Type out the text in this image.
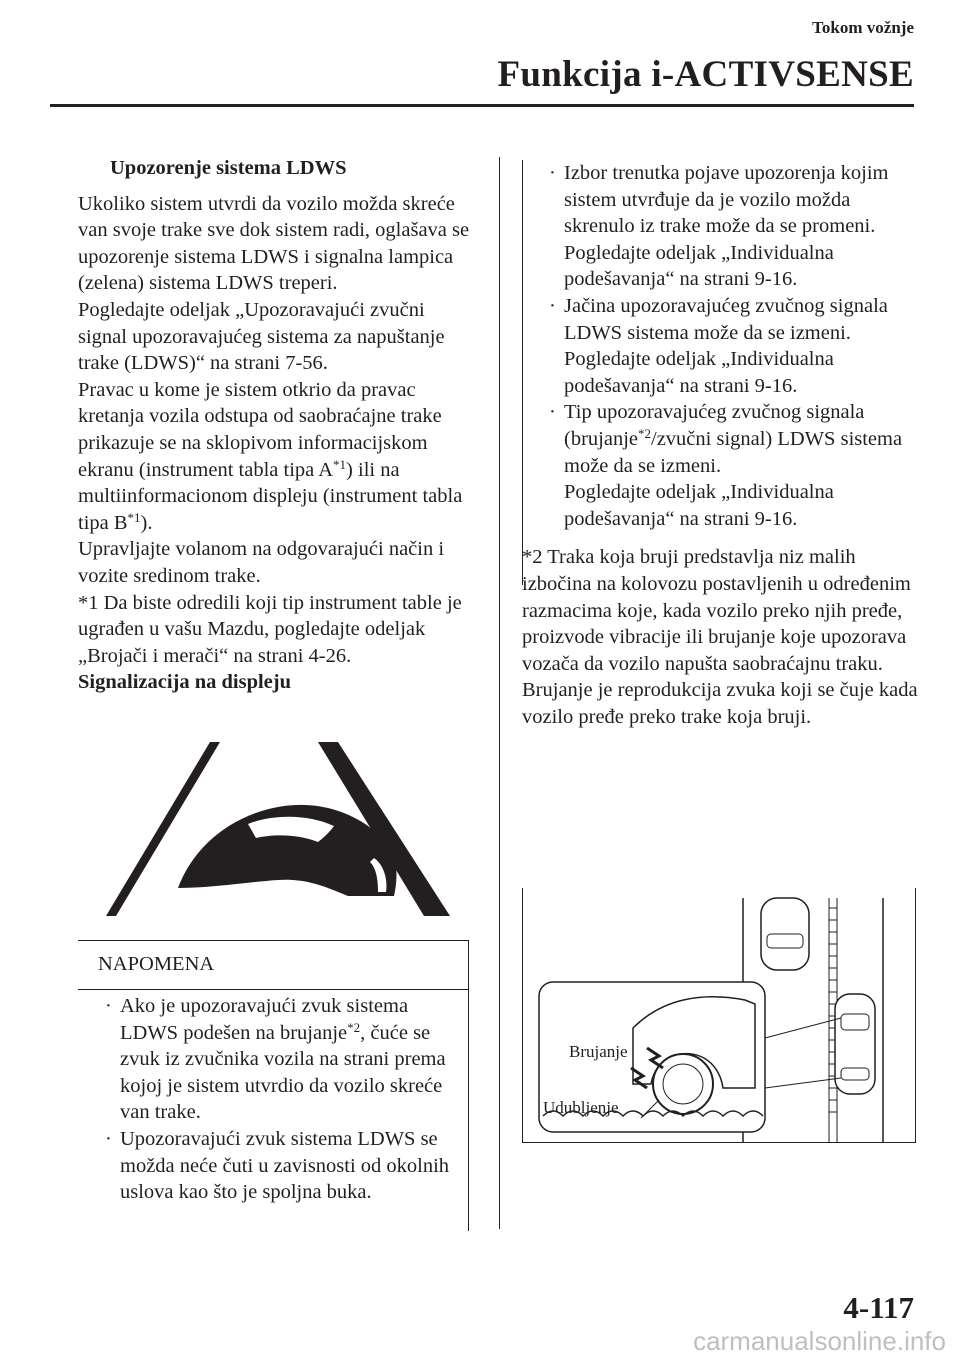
Tokom vožnje
Funkcija i-ACTIVSENSE
Upozorenje sistema LDWS

Ukoliko sistem utvrdi da vozilo možda skreće van svoje trake sve dok sistem radi, oglašava se upozorenje sistema LDWS i signalna lampica (zelena) sistema LDWS treperi.

Pogledajte odeljak „Upozoravajući zvučni signal upozoravajućeg sistema za napuštanje trake (LDWS)“ na strani 7-56.

Pravac u kome je sistem otkrio da pravac kretanja vozila odstupa od saobraćajne trake prikazuje se na sklopivom informacijskom ekranu (instrument tabla tipa $A^{*1}$) ili na multiinformacionom displeju (instrument tabla tipa $B^{*1}$).

Upravljajte volanom na odgovarajući način i vozite sredinom trake.

*1 Da biste odredili koji tip instrument table je ugrađen u vašu Mazdu, pogledajte odeljak „Brojači i merači“ na strani 4-26.

Signalizacija na displeju

NAPOMENA
· Ako je upozoravajući zvuk sistema LDWS podešen na brujanje$^{*2}$, čuće se zvuk iz zvučnika vozila na strani prema kojoj je sistem utvrdio da vozilo skreće van trake.
· Upozoravajući zvuk sistema LDWS se možda neće čuti u zavisnosti od okolnih uslova kao što je spoljna buka.
· Izbor trenutka pojave upozorenja kojim sistem utvrđuje da je vozilo možda skrenulo iz trake može da se promeni.
Pogledajte odeljak „Individualna podešavanja“ na strani 9-16.
· Jačina upozoravajućeg zvučnog signala LDWS sistema može da se izmeni.
Pogledajte odeljak „Individualna podešavanja“ na strani 9-16.
· Tip upozoravajućeg zvučnog signala (brujanje$^{*2}$/zvučni signal) LDWS sistema može da se izmeni.
Pogledajte odeljak „Individualna podešavanja“ na strani 9-16.

*2 Traka koja bruji predstavlja niz malih izbočina na kolovozu postavljenih u određenim razmacima koje, kada vozilo preko njih pređe, proizvode vibracije ili brujanje koje upozorava vozača da vozilo napušta saobraćajnu traku.

Brujanje je reprodukcija zvuka koji se čuje kada vozilo pređe preko trake koja bruji.

Brujanje
Udubljenje
4-117
carmanualsonline.info
